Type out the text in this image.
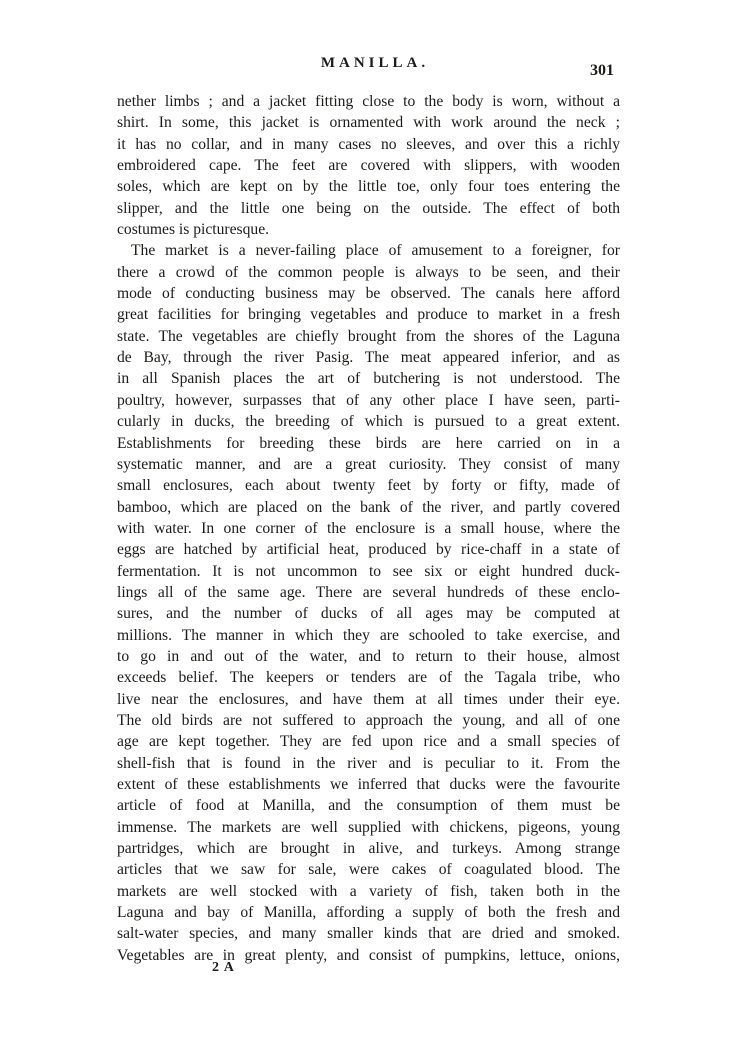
MANILLA.	301
nether limbs ; and a jacket fitting close to the body is worn, without a
shirt. In some, this jacket is ornamented with work around the neck ;
it has no collar, and in many cases no sleeves, and over this a richly
embroidered cape. The feet are covered with slippers, with wooden
soles, which are kept on by the little toe, only four toes entering the
slipper, and the little one being on the outside. The effect of both
costumes is picturesque.
The market is a never-failing place of amusement to a foreigner, for
there a crowd of the common people is always to be seen, and their
mode of conducting business may be observed. The canals here afford
great facilities for bringing vegetables and produce to market in a fresh
state. The vegetables are chiefly brought from the shores of the Laguna
de Bay, through the river Pasig. The meat appeared inferior, and as
in all Spanish places the art of butchering is not understood. The
poultry, however, surpasses that of any other place I have seen, parti-
cularly in ducks, the breeding of which is pursued to a great extent.
Establishments for breeding these birds are here carried on in a
systematic manner, and are a great curiosity. They consist of many
small enclosures, each about twenty feet by forty or fifty, made of
bamboo, which are placed on the bank of the river, and partly covered
with water. In one corner of the enclosure is a small house, where the
eggs are hatched by artificial heat, produced by rice-chaff in a state of
fermentation. It is not uncommon to see six or eight hundred duck-
lings all of the same age. There are several hundreds of these enclo-
sures, and the number of ducks of all ages may be computed at
millions. The manner in which they are schooled to take exercise, and
to go in and out of the water, and to return to their house, almost
exceeds belief. The keepers or tenders are of the Tagala tribe, who
live near the enclosures, and have them at all times under their eye.
The old birds are not suffered to approach the young, and all of one
age are kept together. They are fed upon rice and a small species of
shell-fish that is found in the river and is peculiar to it. From the
extent of these establishments we inferred that ducks were the favourite
article of food at Manilla, and the consumption of them must be
immense. The markets are well supplied with chickens, pigeons, young
partridges, which are brought in alive, and turkeys. Among strange
articles that we saw for sale, were cakes of coagulated blood. The
markets are well stocked with a variety of fish, taken both in the
Laguna and bay of Manilla, affording a supply of both the fresh and
salt-water species, and many smaller kinds that are dried and smoked.
Vegetables are in great plenty, and consist of pumpkins, lettuce, onions,
2 A
